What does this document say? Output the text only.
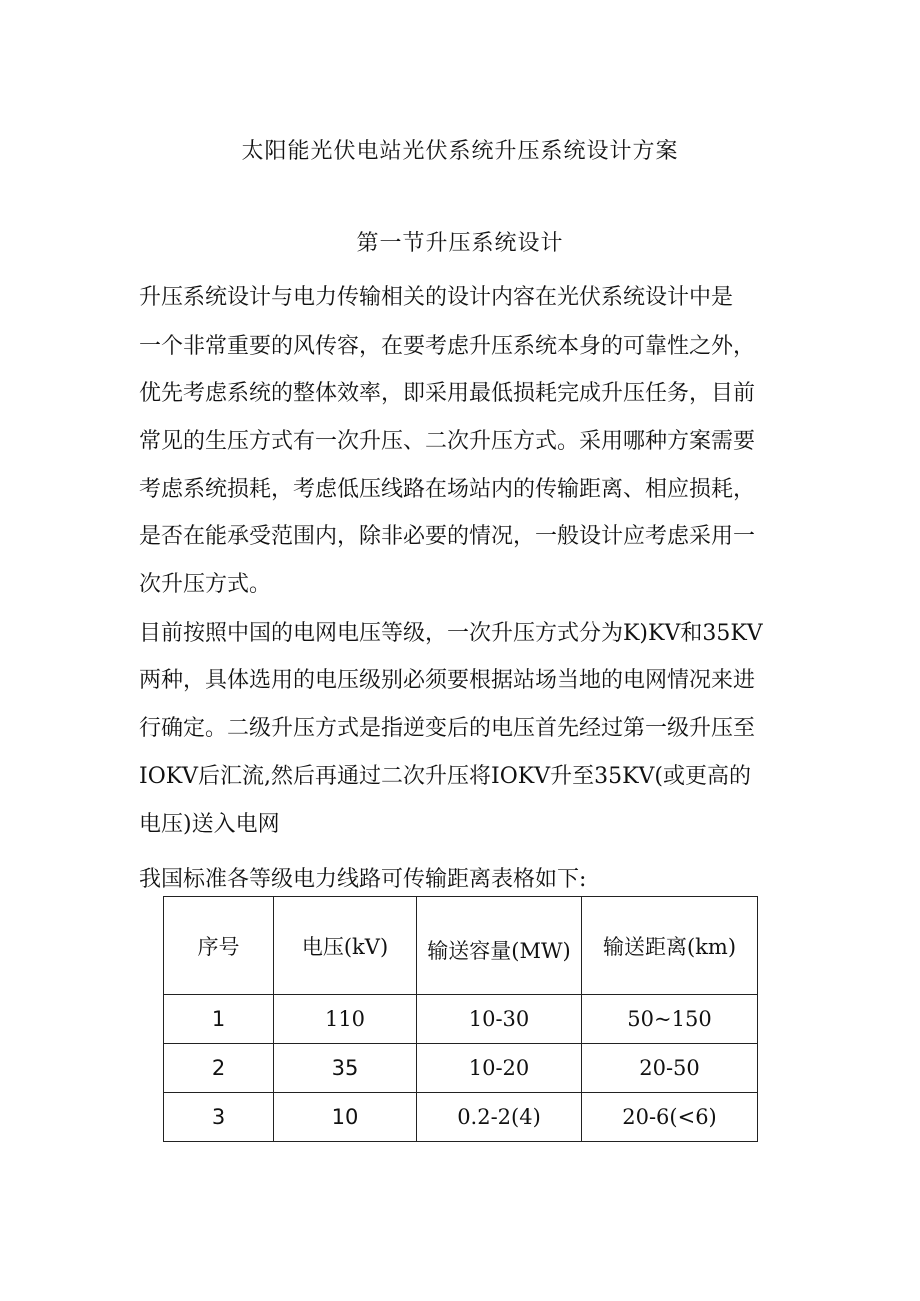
太阳能光伏电站光伏系统升压系统设计方案
第一节升压系统设计

升压系统设计与电力传输相关的设计内容在光伏系统设计中是

一个非常重要的风传容，在要考虑升压系统本身的可靠性之外，

优先考虑系统的整体效率，即采用最低损耗完成升压任务，目前

常见的生压方式有一次升压、二次升压方式。采用哪种方案需要

考虑系统损耗，考虑低压线路在场站内的传输距离、相应损耗，

是否在能承受范围内，除非必要的情况，一般设计应考虑采用一

次升压方式。

目前按照中国的电网电压等级，一次升压方式分为K)KV和35KV

两种，具体选用的电压级别必须要根据站场当地的电网情况来进

行确定。二级升压方式是指逆变后的电压首先经过第一级升压至

IOKV后汇流,然后再通过二次升压将IOKV升至35KV(或更高的

电压)送入电网

我国标准各等级电力线路可传输距离表格如下:

序号	电压(kV)	输送容量(MW)	输送距离(km)
1	110	10-30	50~150
2	35	10-20	20-50
3	10	0.2-2(4)	20-6(<6)
